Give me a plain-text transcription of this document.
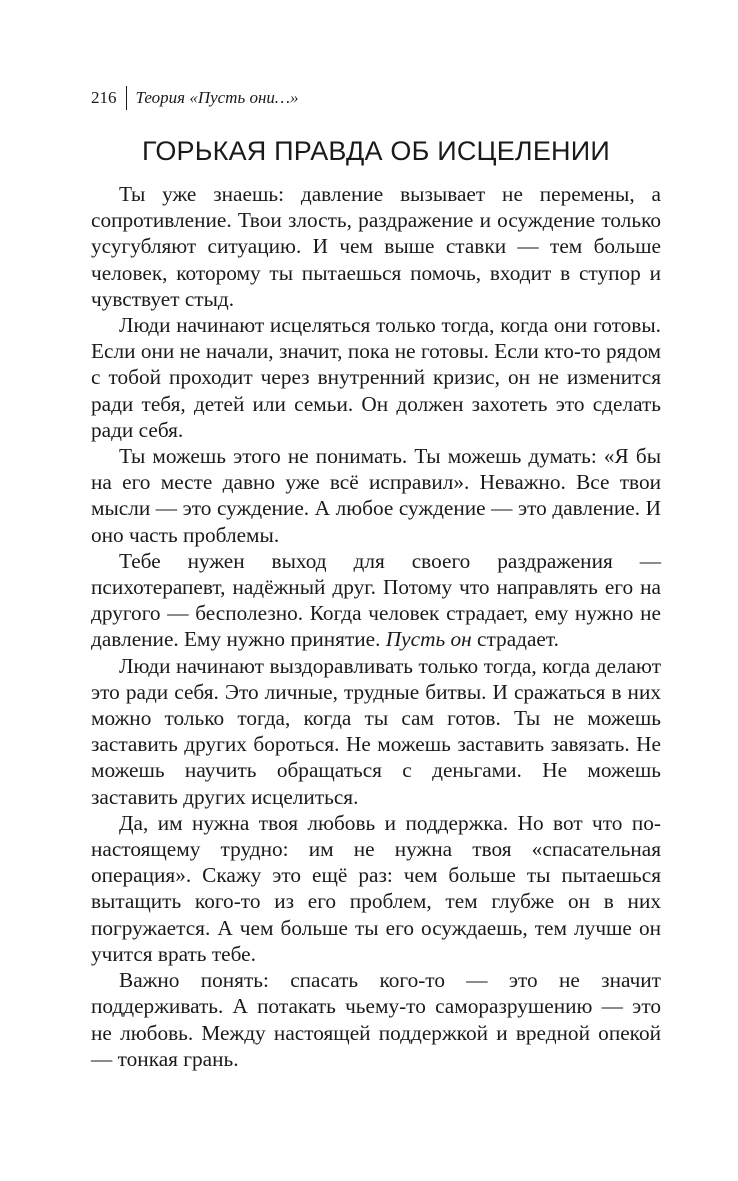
216	Теория «Пусть они…»
ГОРЬКАЯ ПРАВДА ОБ ИСЦЕЛЕНИИ

Ты уже знаешь: давление вызывает не перемены, а сопротивление. Твои злость, раздражение и осуждение только усугубляют ситуацию. И чем выше ставки — тем больше человек, которому ты пытаешься помочь, входит в ступор и чувствует стыд.

Люди начинают исцеляться только тогда, когда они готовы. Если они не начали, значит, пока не готовы. Если кто-то рядом с тобой проходит через внутренний кризис, он не изменится ради тебя, детей или семьи. Он должен захотеть это сделать ради себя.

Ты можешь этого не понимать. Ты можешь думать: «Я бы на его месте давно уже всё исправил». Неважно. Все твои мысли — это суждение. А любое суждение — это давление. И оно часть проблемы.

Тебе нужен выход для своего раздражения — психотерапевт, надёжный друг. Потому что направлять его на другого — бесполезно. Когда человек страдает, ему нужно не давление. Ему нужно принятие. Пусть он страдает.

Люди начинают выздоравливать только тогда, когда делают это ради себя. Это личные, трудные битвы. И сражаться в них можно только тогда, когда ты сам готов. Ты не можешь заставить других бороться. Не можешь заставить завязать. Не можешь научить обращаться с деньгами. Не можешь заставить других исцелиться.

Да, им нужна твоя любовь и поддержка. Но вот что по-настоящему трудно: им не нужна твоя «спасательная операция». Скажу это ещё раз: чем больше ты пытаешься вытащить кого-то из его проблем, тем глубже он в них погружается. А чем больше ты его осуждаешь, тем лучше он учится врать тебе.

Важно понять: спасать кого-то — это не значит поддерживать. А потакать чьему-то саморазрушению — это не любовь. Между настоящей поддержкой и вредной опекой — тонкая грань.
